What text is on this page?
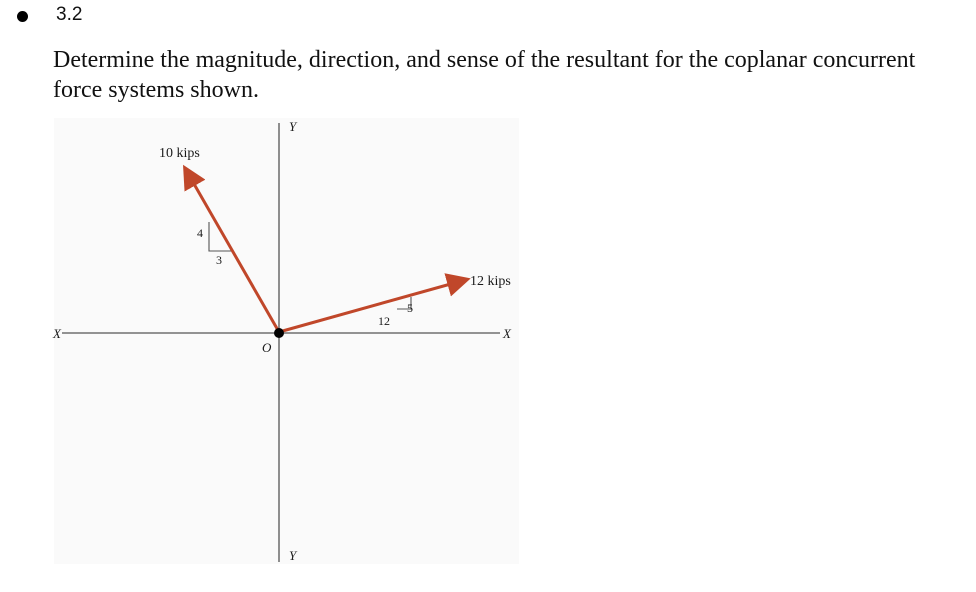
3.2
Determine the magnitude, direction, and sense of the resultant for the coplanar concurrent
force systems shown.
Y
Y
X	X
O
10 kips
4
3
12 kips
5
12
